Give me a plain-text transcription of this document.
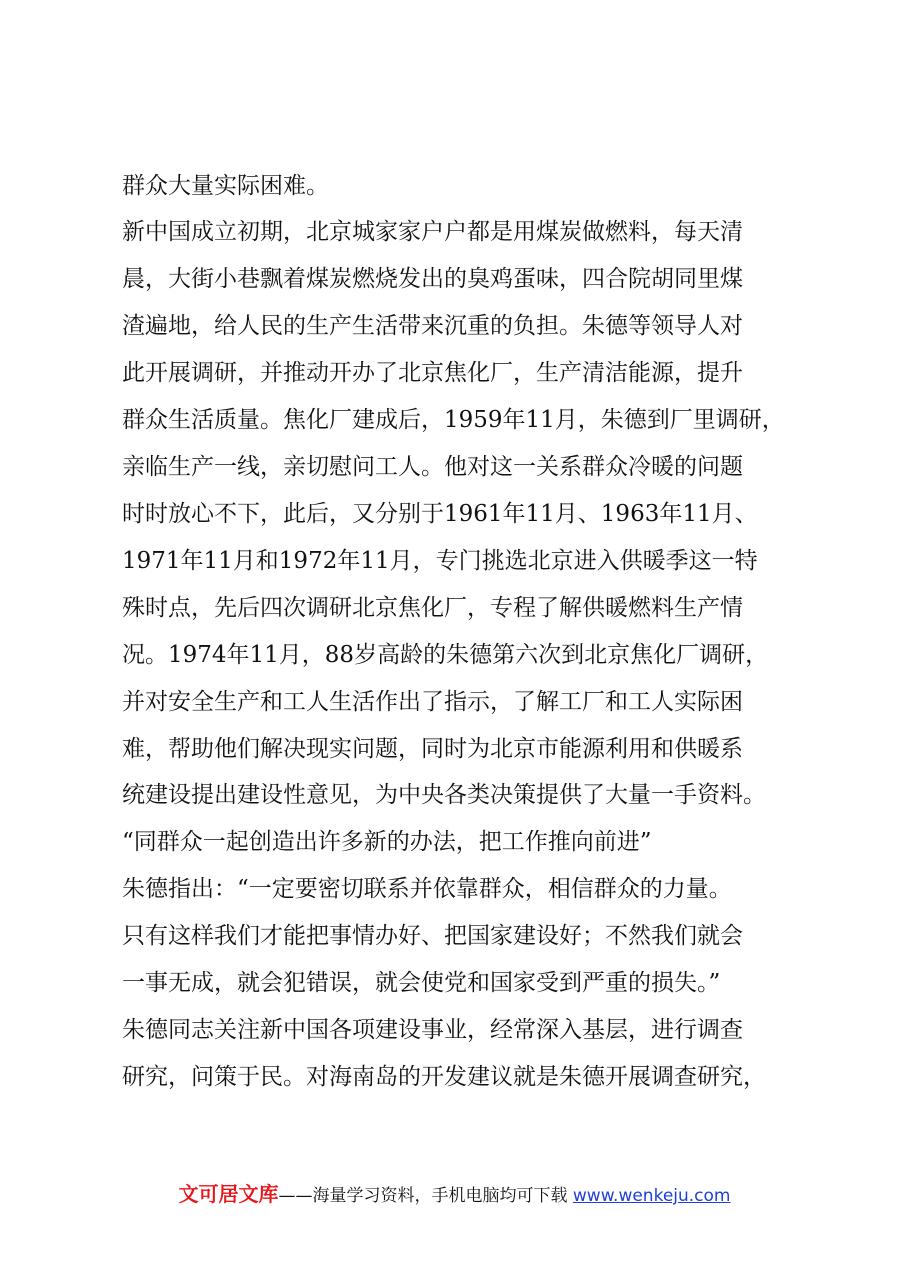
群众大量实际困难。
新中国成立初期，北京城家家户户都是用煤炭做燃料，每天清
晨，大街小巷飘着煤炭燃烧发出的臭鸡蛋味，四合院胡同里煤
渣遍地，给人民的生产生活带来沉重的负担。朱德等领导人对
此开展调研，并推动开办了北京焦化厂，生产清洁能源，提升
群众生活质量。焦化厂建成后，1959年11月，朱德到厂里调研，
亲临生产一线，亲切慰问工人。他对这一关系群众冷暖的问题
时时放心不下，此后，又分别于1961年11月、1963年11月、
1971年11月和1972年11月，专门挑选北京进入供暖季这一特
殊时点，先后四次调研北京焦化厂，专程了解供暖燃料生产情
况。1974年11月，88岁高龄的朱德第六次到北京焦化厂调研，
并对安全生产和工人生活作出了指示，了解工厂和工人实际困
难，帮助他们解决现实问题，同时为北京市能源利用和供暖系
统建设提出建设性意见，为中央各类决策提供了大量一手资料。
“同群众一起创造出许多新的办法，把工作推向前进”
朱德指出：“一定要密切联系并依靠群众，相信群众的力量。
只有这样我们才能把事情办好、把国家建设好；不然我们就会
一事无成，就会犯错误，就会使党和国家受到严重的损失。”
朱德同志关注新中国各项建设事业，经常深入基层，进行调查
研究，问策于民。对海南岛的开发建议就是朱德开展调查研究，
文可居文库——海量学习资料，手机电脑均可下载 www.wenkeju.com
